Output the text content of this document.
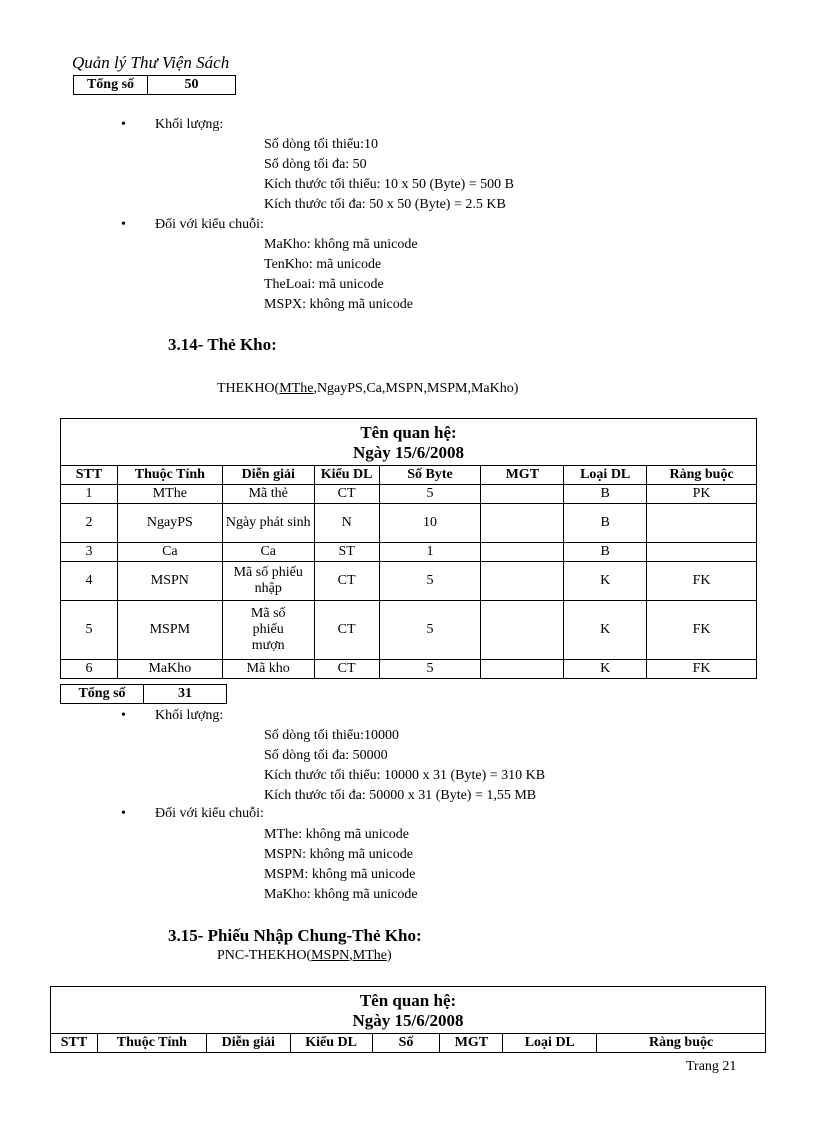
Quản lý Thư Viện Sách
Tổng số	50
• Khối lượng:
Số dòng tối thiểu:10
Số dòng tối đa: 50
Kích thước tối thiểu: 10 x 50 (Byte) = 500 B
Kích thước tối đa: 50 x 50 (Byte) = 2.5 KB
• Đối với kiểu chuỗi:
MaKho: không mã unicode
TenKho: mã unicode
TheLoai: mã unicode
MSPX: không mã unicode
3.14- Thẻ Kho:
THEKHO(MThe,NgayPS,Ca,MSPN,MSPM,MaKho)
Tên quan hệ:
Ngày 15/6/2008							

STT	Thuộc Tính	Diễn giải	Kiểu DL	Số Byte	MGT	Loại DL	Ràng buộc
1	MThe	Mã thẻ	CT	5		B	PK
2	NgayPS	Ngày phát sinh	N	10		B	
3	Ca	Ca	ST	1		B	
4	MSPN	Mã số phiếu nhập	CT	5		K	FK
5	MSPM	Mã số phiếu mượn	CT	5		K	FK
6	MaKho	Mã kho	CT	5		K	FK
Tổng số	31
• Khối lượng:
Số dòng tối thiểu:10000
Số dòng tối đa: 50000
Kích thước tối thiểu: 10000 x 31 (Byte) = 310 KB
Kích thước tối đa: 50000 x 31 (Byte) = 1,55 MB
• Đối với kiểu chuỗi:
MThe: không mã unicode
MSPN: không mã unicode
MSPM: không mã unicode
MaKho: không mã unicode
3.15- Phiếu Nhập Chung-Thẻ Kho:
PNC-THEKHO(MSPN,MThe)
Tên quan hệ:
Ngày 15/6/2008

STT	Thuộc Tính	Diễn giải	Kiểu DL	Số	MGT	Loại DL	Ràng buộc
Trang 21
